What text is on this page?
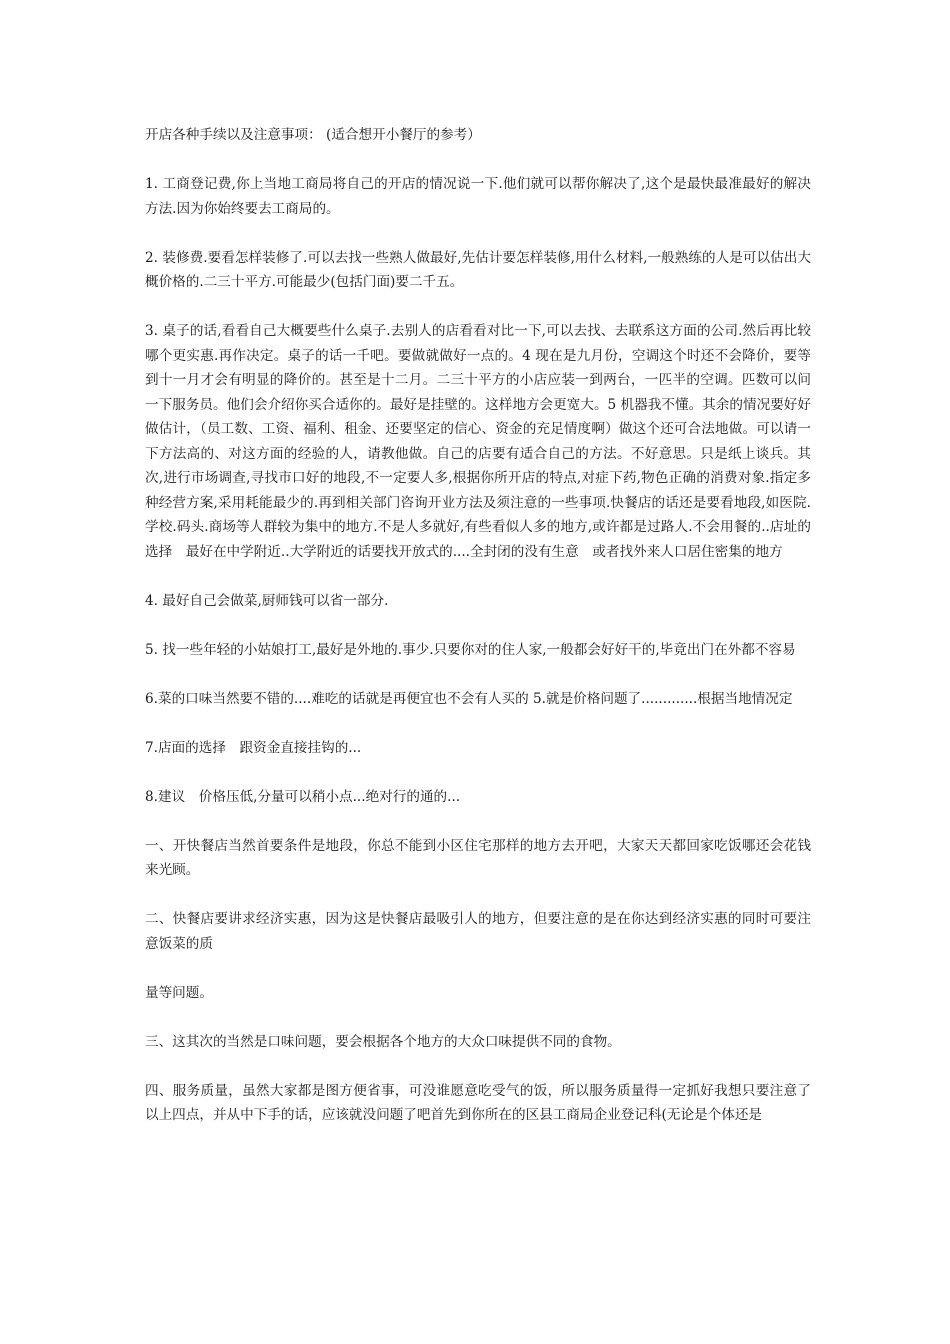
开店各种手续以及注意事项： (适合想开小餐厅的参考）

1. 工商登记费,你上当地工商局将自己的开店的情况说一下.他们就可以帮你解决了,这个是最快最准最好的解决方法.因为你始终要去工商局的。

2. 装修费.要看怎样装修了.可以去找一些熟人做最好,先估计要怎样装修,用什么材料,一般熟练的人是可以估出大概价格的.二三十平方.可能最少(包括门面)要二千五。

3. 桌子的话,看看自己大概要些什么桌子.去别人的店看看对比一下,可以去找、去联系这方面的公司.然后再比较哪个更实惠.再作决定。桌子的话一千吧。要做就做好一点的。4 现在是九月份，空调这个时还不会降价，要等到十一月才会有明显的降价的。甚至是十二月。二三十平方的小店应装一到两台，一匹半的空调。匹数可以问一下服务员。他们会介绍你买合适你的。最好是挂壁的。这样地方会更宽大。5 机器我不懂。其余的情况要好好做估计，（员工数、工资、福利、租金、还要坚定的信心、资金的充足情度啊）做这个还可合法地做。可以请一下方法高的、对这方面的经验的人，请教他做。自己的店要有适合自己的方法。不好意思。只是纸上谈兵。其次,进行市场调查,寻找市口好的地段,不一定要人多,根据你所开店的特点,对症下药,物色正确的消费对象.指定多种经营方案,采用耗能最少的.再到相关部门咨询开业方法及须注意的一些事项.快餐店的话还是要看地段,如医院.学校.码头.商场等人群较为集中的地方.不是人多就好,有些看似人多的地方,或许都是过路人.不会用餐的..店址的选择　最好在中学附近..大学附近的话要找开放式的....全封闭的没有生意　或者找外来人口居住密集的地方

4. 最好自己会做菜,厨师钱可以省一部分.

5. 找一些年轻的小姑娘打工,最好是外地的.事少.只要你对的住人家,一般都会好好干的,毕竟出门在外都不容易

6.菜的口味当然要不错的....难吃的话就是再便宜也不会有人买的 5.就是价格问题了.............根据当地情况定

7.店面的选择　跟资金直接挂钩的...

8.建议　价格压低,分量可以稍小点...绝对行的通的...

一、开快餐店当然首要条件是地段，你总不能到小区住宅那样的地方去开吧，大家天天都回家吃饭哪还会花钱来光顾。

二、快餐店要讲求经济实惠，因为这是快餐店最吸引人的地方，但要注意的是在你达到经济实惠的同时可要注意饭菜的质

量等问题。

三、这其次的当然是口味问题，要会根据各个地方的大众口味提供不同的食物。

四、服务质量，虽然大家都是图方便省事，可没谁愿意吃受气的饭，所以服务质量得一定抓好我想只要注意了以上四点，并从中下手的话，应该就没问题了吧首先到你所在的区县工商局企业登记科(无论是个体还是
